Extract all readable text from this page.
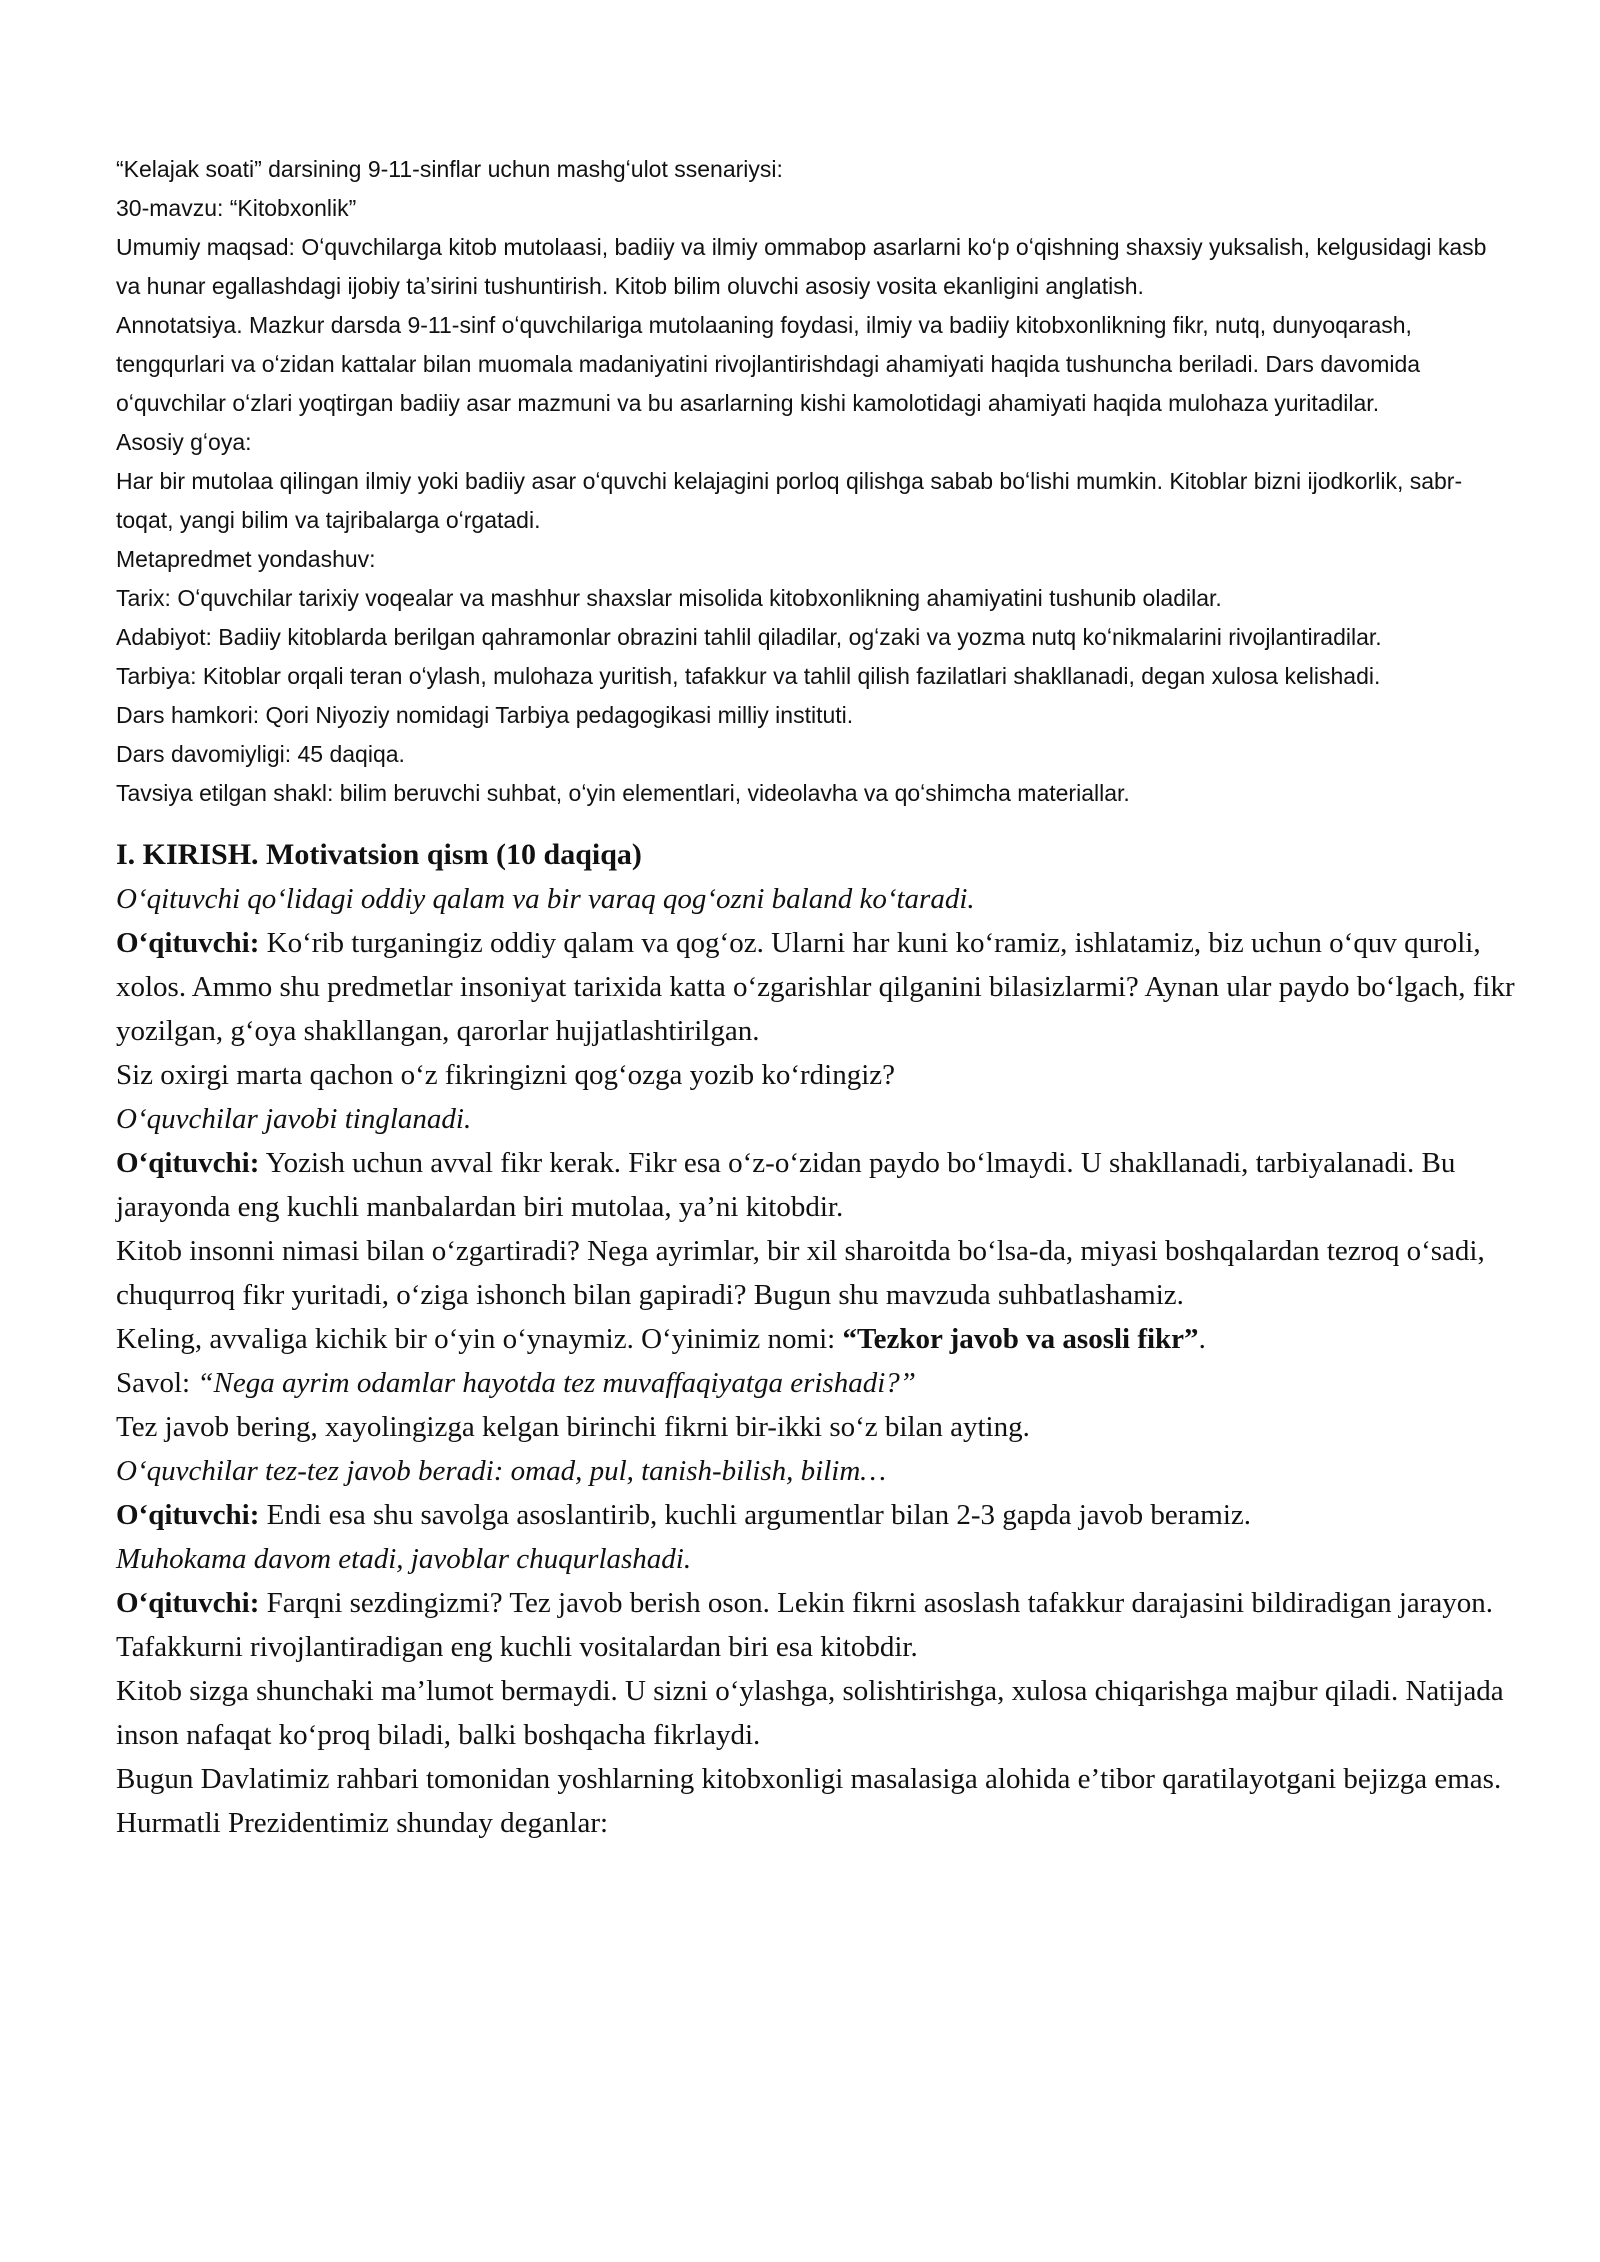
“Kelajak soati” darsining 9-11-sinflar uchun mashgʻulot ssenariysi:

30-mavzu: “Kitobxonlik”

Umumiy maqsad: Oʻquvchilarga kitob mutolaasi, badiiy va ilmiy ommabop asarlarni koʻp oʻqishning shaxsiy yuksalish, kelgusidagi kasb va hunar egallashdagi ijobiy taʼsirini tushuntirish. Kitob bilim oluvchi asosiy vosita ekanligini anglatish.

Annotatsiya. Mazkur darsda 9-11-sinf oʻquvchilariga mutolaaning foydasi, ilmiy va badiiy kitobxonlikning fikr, nutq, dunyoqarash, tengqurlari va oʻzidan kattalar bilan muomala madaniyatini rivojlantirishdagi ahamiyati haqida tushuncha beriladi. Dars davomida oʻquvchilar oʻzlari yoqtirgan badiiy asar mazmuni va bu asarlarning kishi kamolotidagi ahamiyati haqida mulohaza yuritadilar.

Asosiy gʻoya:

Har bir mutolaa qilingan ilmiy yoki badiiy asar oʻquvchi kelajagini porloq qilishga sabab boʻlishi mumkin. Kitoblar bizni ijodkorlik, sabr-toqat, yangi bilim va tajribalarga oʻrgatadi.

Metapredmet yondashuv:

Tarix: Oʻquvchilar tarixiy voqealar va mashhur shaxslar misolida kitobxonlikning ahamiyatini tushunib oladilar.

Adabiyot: Badiiy kitoblarda berilgan qahramonlar obrazini tahlil qiladilar, ogʻzaki va yozma nutq koʻnikmalarini rivojlantiradilar.

Tarbiya: Kitoblar orqali teran oʻylash, mulohaza yuritish, tafakkur va tahlil qilish fazilatlari shakllanadi, degan xulosa kelishadi.

Dars hamkori: Qori Niyoziy nomidagi Tarbiya pedagogikasi milliy instituti.

Dars davomiyligi: 45 daqiqa.

Tavsiya etilgan shakl: bilim beruvchi suhbat, oʻyin elementlari, videolavha va qoʻshimcha materiallar.

I. KIRISH. Motivatsion qism (10 daqiqa)

Oʻqituvchi qoʻlidagi oddiy qalam va bir varaq qogʻozni baland koʻtaradi.

Oʻqituvchi: Koʻrib turganingiz oddiy qalam va qogʻoz. Ularni har kuni koʻramiz, ishlatamiz, biz uchun oʻquv quroli, xolos. Ammo shu predmetlar insoniyat tarixida katta oʻzgarishlar qilganini bilasizlarmi? Aynan ular paydo boʻlgach, fikr yozilgan, gʻoya shakllangan, qarorlar hujjatlashtirilgan.

Siz oxirgi marta qachon oʻz fikringizni qogʻozga yozib koʻrdingiz?

Oʻquvchilar javobi tinglanadi.

Oʻqituvchi: Yozish uchun avval fikr kerak. Fikr esa oʻz-oʻzidan paydo boʻlmaydi. U shakllanadi, tarbiyalanadi. Bu jarayonda eng kuchli manbalardan biri mutolaa, yaʼni kitobdir.

Kitob insonni nimasi bilan oʻzgartiradi? Nega ayrimlar, bir xil sharoitda boʻlsa-da, miyasi boshqalardan tezroq oʻsadi, chuqurroq fikr yuritadi, oʻziga ishonch bilan gapiradi? Bugun shu mavzuda suhbatlashamiz.

Keling, avvaliga kichik bir oʻyin oʻynaymiz. Oʻyinimiz nomi: “Tezkor javob va asosli fikr”.

Savol: “Nega ayrim odamlar hayotda tez muvaffaqiyatga erishadi?”

Tez javob bering, xayolingizga kelgan birinchi fikrni bir-ikki soʻz bilan ayting.

Oʻquvchilar tez-tez javob beradi: omad, pul, tanish-bilish, bilim…

Oʻqituvchi: Endi esa shu savolga asoslantirib, kuchli argumentlar bilan 2-3 gapda javob beramiz.

Muhokama davom etadi, javoblar chuqurlashadi.

Oʻqituvchi: Farqni sezdingizmi? Tez javob berish oson. Lekin fikrni asoslash tafakkur darajasini bildiradigan jarayon. Tafakkurni rivojlantiradigan eng kuchli vositalardan biri esa kitobdir.

Kitob sizga shunchaki maʼlumot bermaydi. U sizni oʻylashga, solishtirishga, xulosa chiqarishga majbur qiladi. Natijada inson nafaqat koʻproq biladi, balki boshqacha fikrlaydi.

Bugun Davlatimiz rahbari tomonidan yoshlarning kitobxonligi masalasiga alohida eʼtibor qaratilayotgani bejizga emas. Hurmatli Prezidentimiz shunday deganlar:
